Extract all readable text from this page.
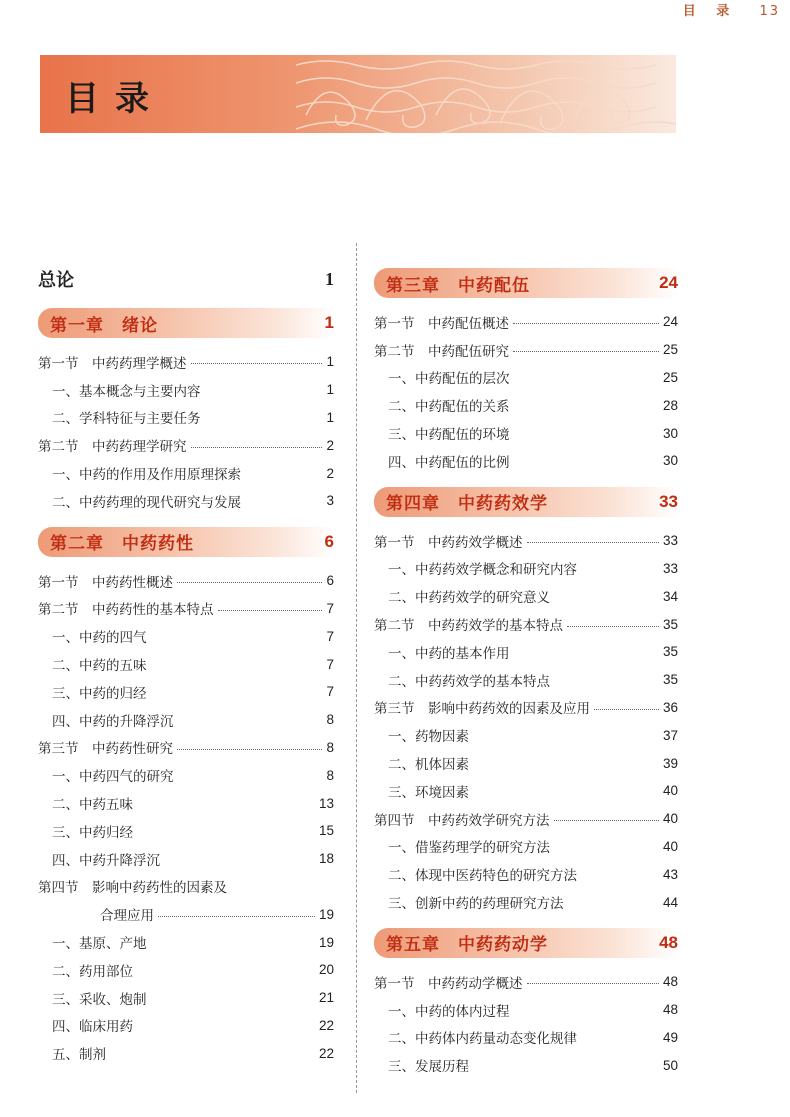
目 录 13
目录
总论	1
第一章　绪论	1
第一节　中药药理学概述	1
一、基本概念与主要内容	1
二、学科特征与主要任务	1
第二节　中药药理学研究	2
一、中药的作用及作用原理探索	2
二、中药药理的现代研究与发展	3
第二章　中药药性	6
第一节　中药药性概述	6
第二节　中药药性的基本特点	7
一、中药的四气	7
二、中药的五味	7
三、中药的归经	7
四、中药的升降浮沉	8
第三节　中药药性研究	8
一、中药四气的研究	8
二、中药五味	13
三、中药归经	15
四、中药升降浮沉	18
第四节　影响中药药性的因素及
合理应用	19
一、基原、产地	19
二、药用部位	20
三、采收、炮制	21
四、临床用药	22
五、制剂	22
第三章　中药配伍	24
第一节　中药配伍概述	24
第二节　中药配伍研究	25
一、中药配伍的层次	25
二、中药配伍的关系	28
三、中药配伍的环境	30
四、中药配伍的比例	30
第四章　中药药效学	33
第一节　中药药效学概述	33
一、中药药效学概念和研究内容	33
二、中药药效学的研究意义	34
第二节　中药药效学的基本特点	35
一、中药的基本作用	35
二、中药药效学的基本特点	35
第三节　影响中药药效的因素及应用	36
一、药物因素	37
二、机体因素	39
三、环境因素	40
第四节　中药药效学研究方法	40
一、借鉴药理学的研究方法	40
二、体现中医药特色的研究方法	43
三、创新中药的药理研究方法	44
第五章　中药药动学	48
第一节　中药药动学概述	48
一、中药的体内过程	48
二、中药体内药量动态变化规律	49
三、发展历程	50
